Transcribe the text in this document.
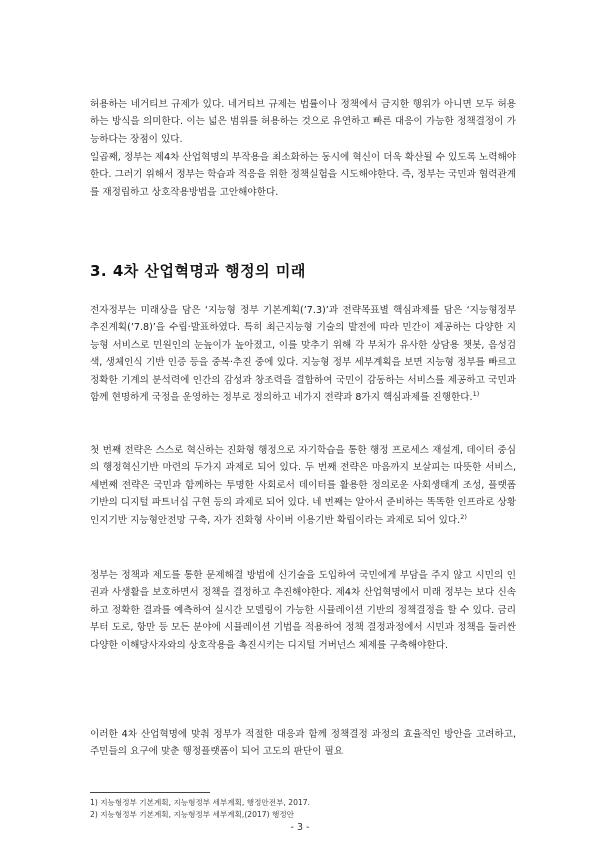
허용하는 네거티브 규제가 있다. 네거티브 규제는 법률이나 정책에서 금지한 행위가 아니면 모두 허용하는 방식을 의미한다. 이는 넓은 범위를 허용하는 것으로 유연하고 빠른 대응이 가능한 정책결정이 가능하다는 장점이 있다.

일곱째, 정부는 제4차 산업혁명의 부작용을 최소화하는 동시에 혁신이 더욱 확산될 수 있도록 노력해야한다. 그러기 위해서 정부는 학습과 적응을 위한 정책실험을 시도해야한다. 즉, 정부는 국민과 협력관계를 재정립하고 상호작용방법을 고안해야한다.

3. 4차 산업혁명과 행정의 미래

전자정부는 미래상을 담은 ‘지능형 정부 기본계획(’7.3)’과 전략목표별 핵심과제를 담은 ‘지능형정부 추진계획(’7.8)’을 수립·발표하였다. 특히 최근지능형 기술의 발전에 따라 민간이 제공하는 다양한 지능형 서비스로 민원인의 눈높이가 높아졌고, 이를 맞추기 위해 각 부처가 유사한 상담용 챗봇, 음성검색, 생체인식 기반 인증 등을 중복·추진 중에 있다. 지능형 정부 세부계획을 보면 지능형 정부를 빠르고 정확한 기계의 분석력에 인간의 감성과 창조력을 결합하여 국민이 감동하는 서비스를 제공하고 국민과 함께 현명하게 국정을 운영하는 정부로 정의하고 네가지 전략과 8가지 핵심과제를 진행한다.$^{1)}$

첫 번째 전략은 스스로 혁신하는 진화형 행정으로 자기학습을 통한 행정 프로세스 재설계, 데이터 중심의 행정혁신기반 마련의 두가지 과제로 되어 있다. 두 번째 전략은 마음까지 보살피는 따뜻한 서비스, 세번째 전략은 국민과 함께하는 투명한 사회로서 데이터를 활용한 정의로운 사회생태계 조성, 플랫폼 기반의 디지털 파트너십 구현 등의 과제로 되어 있다. 네 번째는 알아서 준비하는 똑똑한 인프라로 상황인지기반 지능형안전망 구축, 자가 진화형 사이버 이용기반 확립이라는 과제로 되어 있다.$^{2)}$

정부는 정책과 제도를 통한 문제해결 방법에 신기술을 도입하여 국민에게 부담을 주지 않고 시민의 인권과 사생활을 보호하면서 정책을 결정하고 추진해야한다. 제4차 산업혁명에서 미래 정부는 보다 신속하고 정확한 결과를 예측하여 실시간 모델링이 가능한 시뮬레이션 기반의 정책결정을 할 수 있다. 금리부터 도로, 항만 등 모든 분야에 시뮬레이션 기법을 적용하여 정책 결정과정에서 시민과 정책을 둘러싼 다양한 이해당사자와의 상호작용을 촉진시키는 디지털 거버넌스 체제를 구축해야한다.

이러한 4차 산업혁명에 맞춰 정부가 적절한 대응과 함께 정책결정 과정의 효율적인 방안을 고려하고, 주민들의 요구에 맞춘 행정플랫폼이 되어 고도의 판단이 필요

1) 지능형정부 기본계획, 지능형정부 세부계획, 행정안전부, 2017.

2) 지능형정부 기본계획, 지능형정부 세부계획,(2017) 행정안

- 3 -
